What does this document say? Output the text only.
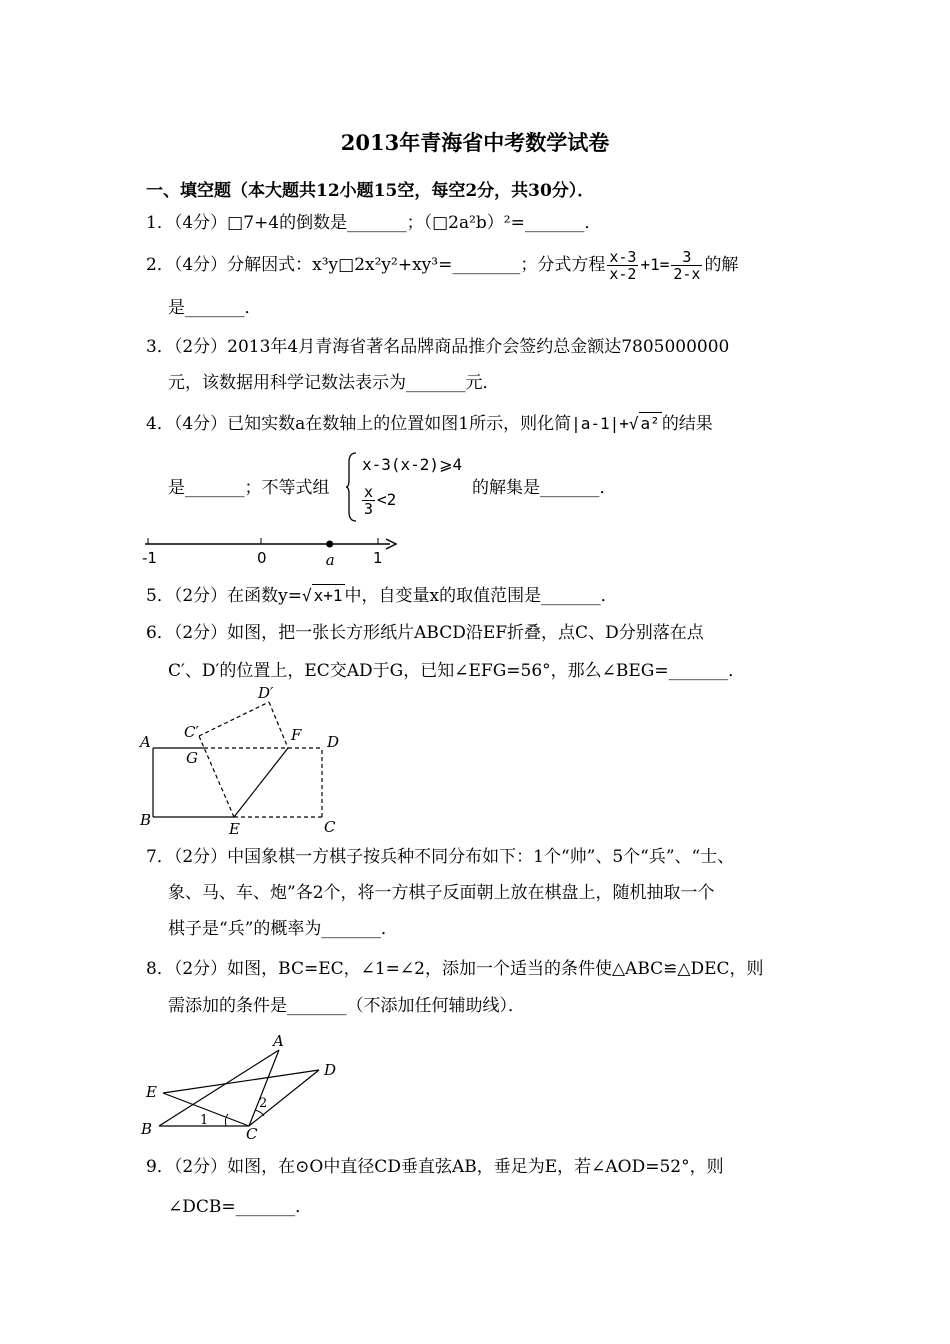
2013年青海省中考数学试卷
一、填空题（本大题共12小题15空，每空2分，共30分）．
1．（4分）□7+4的倒数是_______；（□2a²b）²=_______．
2．（4分）分解因式：x³y□2x²y²+xy³=________；分式方程 $\frac{x-3}{x-2} +1= \frac{3}{2-x}$ 的解
是_______．
3．（2分）2013年4月青海省著名品牌商品推介会签约总金额达7805000000
元，该数据用科学记数法表示为_______元．
4．（4分）已知实数a在数轴上的位置如图1所示，则化简|a-1|+√ a² 的结果
是_______；不等式组
x-3(x-2)⩾4
$\frac{x}{3} <2$
的解集是_______．
-1	0	a	1
5．（2分）在函数y=√ x+1 中，自变量x的取值范围是_______．
6．（2分）如图，把一张长方形纸片ABCD沿EF折叠，点C、D分别落在点
C′、D′的位置上，EC交AD于G，已知∠EFG=56°，那么∠BEG=_______．
A
B	C
D
E
F
G
C′
D′
7．（2分）中国象棋一方棋子按兵种不同分布如下：1个“帅”、5个“兵”、“士、
象、马、车、炮”各2个，将一方棋子反面朝上放在棋盘上，随机抽取一个
棋子是“兵”的概率为_______．
8．（2分）如图，BC=EC，∠1=∠2，添加一个适当的条件使△ABC≌△DEC，则
需添加的条件是_______（不添加任何辅助线）．
A
B	C
D
E
1
2
9．（2分）如图，在⊙O中直径CD垂直弦AB，垂足为E，若∠AOD=52°，则
∠DCB=_______．
